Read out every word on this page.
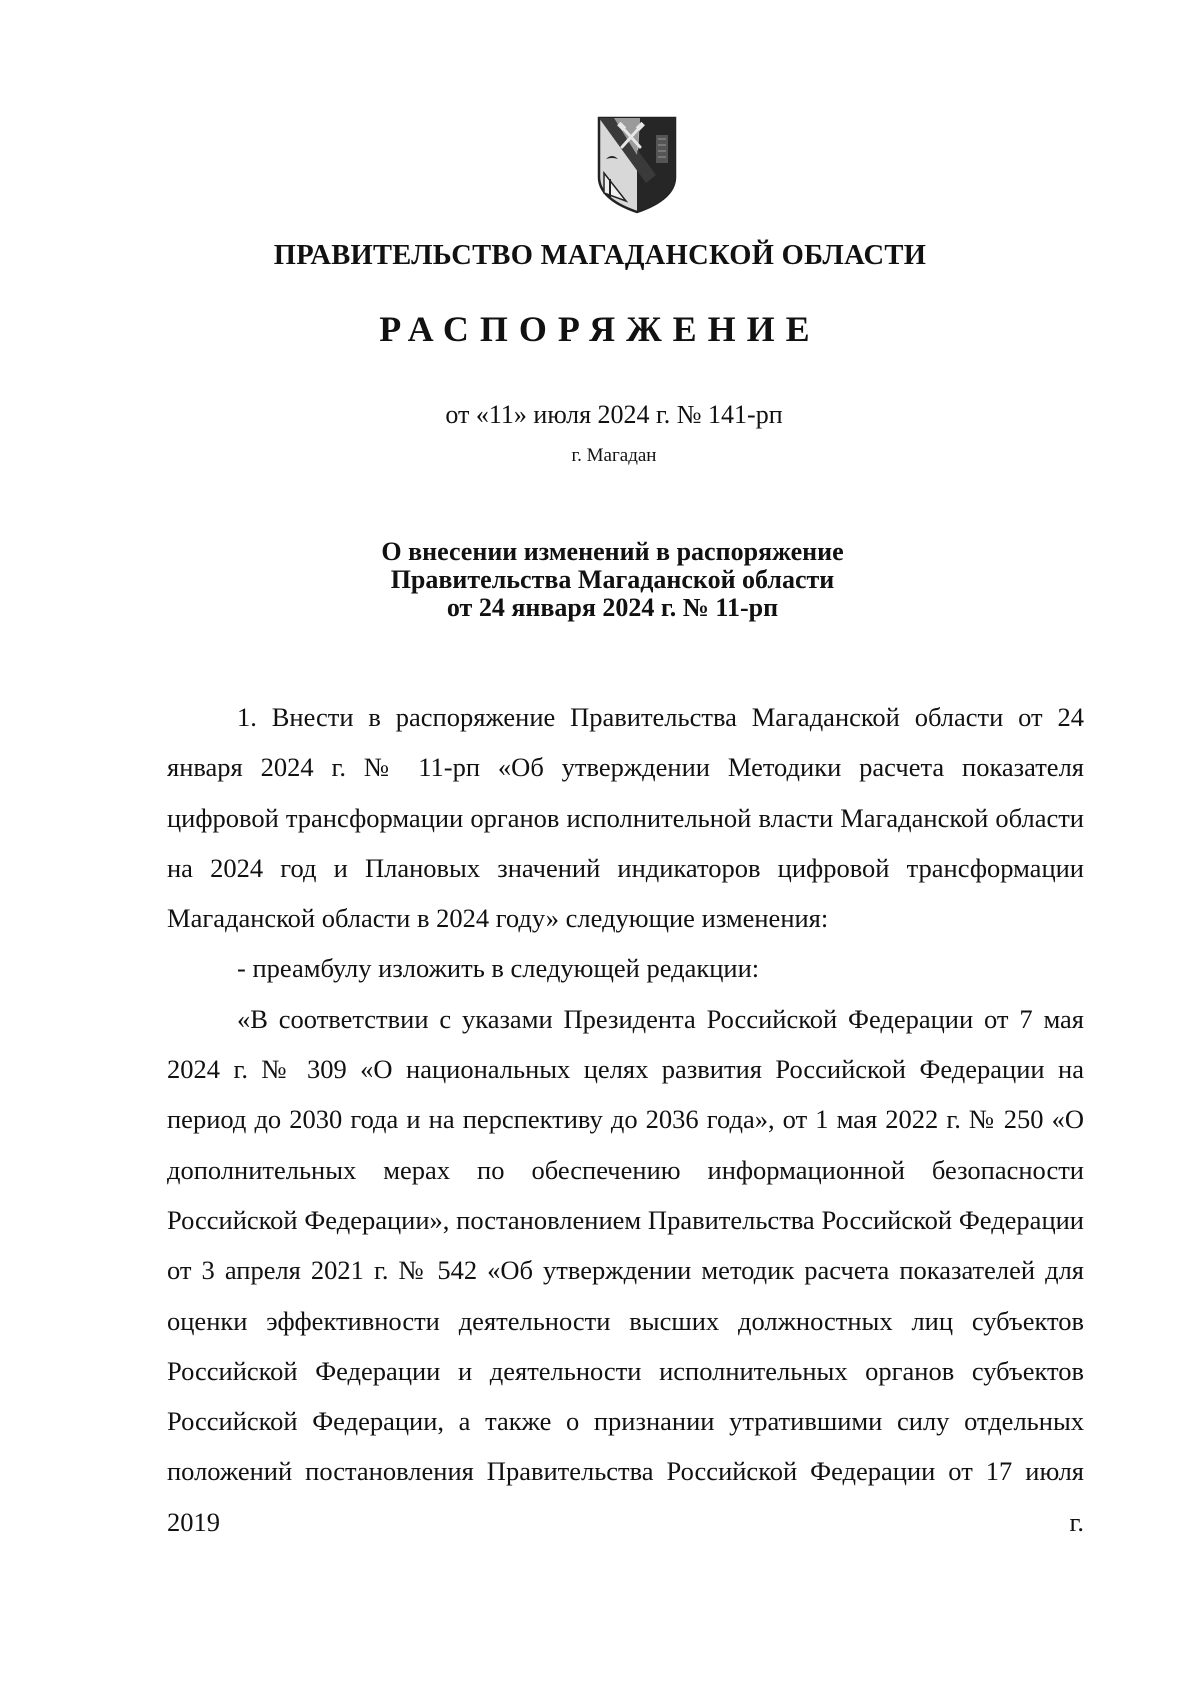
ПРАВИТЕЛЬСТВО МАГАДАНСКОЙ ОБЛАСТИ
РАСПОРЯЖЕНИЕ
от «11» июля 2024 г. № 141-рп
г. Магадан
О внесении изменений в распоряжение
Правительства Магаданской области
от 24 января 2024 г. № 11-рп

1. Внести в распоряжение Правительства Магаданской области от 24 января 2024 г. № 11-рп «Об утверждении Методики расчета показателя цифровой трансформации органов исполнительной власти Магаданской области на 2024 год и Плановых значений индикаторов цифровой трансформации Магаданской области в 2024 году» следующие изменения:

- преамбулу изложить в следующей редакции:

«В соответствии с указами Президента Российской Федерации от 7 мая 2024 г. № 309 «О национальных целях развития Российской Федерации на период до 2030 года и на перспективу до 2036 года», от 1 мая 2022 г. № 250 «О дополнительных мерах по обеспечению информационной безопасности Российской Федерации», постановлением Правительства Российской Федерации от 3 апреля 2021 г. № 542 «Об утверждении методик расчета показателей для оценки эффективности деятельности высших должностных лиц субъектов Российской Федерации и деятельности исполнительных органов субъектов Российской Федерации, а также о признании утратившими силу отдельных положений постановления Правительства Российской Федерации от 17 июля 2019 г.
